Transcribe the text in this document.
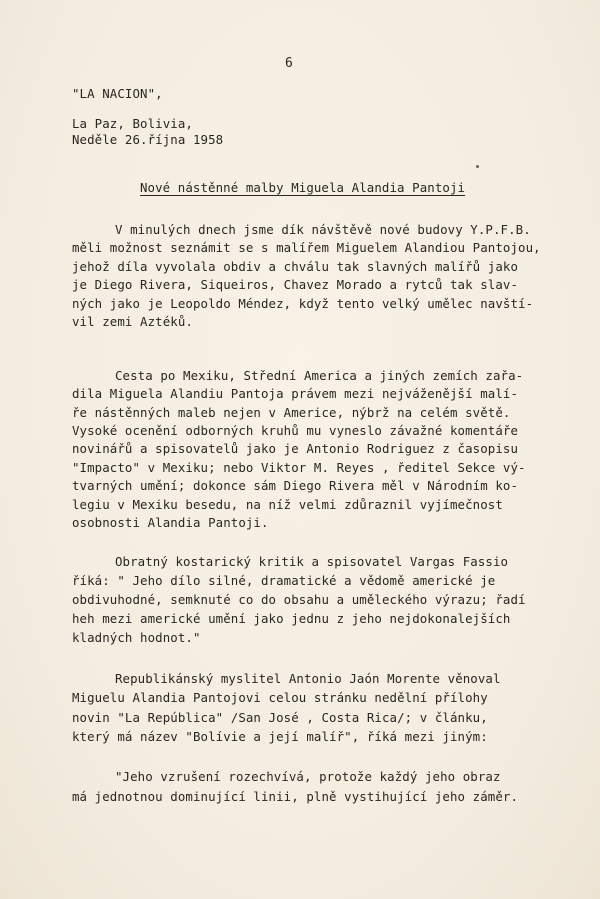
6
"LA NACION",
La Paz, Bolivia,
Neděle 26.října 1958
Nové nástěnné malby Miguela Alandia Pantoji
V minulých dnech jsme dík návštěvě nové budovy Y.P.F.B.
měli možnost seznámit se s malířem Miguelem Alandiou Pantojou,
jehož díla vyvolala obdiv a chválu tak slavných malířů jako
je Diego Rivera, Siqueiros, Chavez Morado a rytců tak slav-
ných jako je Leopoldo Méndez, když tento velký umělec navští-
vil zemi Aztéků.
Cesta po Mexiku, Střední America a jiných zemích zařa-
dila Miguela Alandiu Pantoja právem mezi nejváženější malí-
ře nástěnných maleb nejen v Americe, nýbrž na celém světě.
Vysoké ocenění odborných kruhů mu vyneslo závažné komentáře
novinářů a spisovatelů jako je Antonio Rodriguez z časopisu
"Impacto" v Mexiku; nebo Viktor M. Reyes , ředitel Sekce vý-
tvarných umění; dokonce sám Diego Rivera měl v Národním ko-
legiu v Mexiku besedu, na níž velmi zdůraznil vyjímečnost
osobnosti Alandia Pantoji.
Obratný kostarický kritik a spisovatel Vargas Fassio
říká: " Jeho dílo silné, dramatické a vědomě americké je
obdivuhodné, semknuté co do obsahu a uměleckého výrazu; řadí
heh mezi americké umění jako jednu z jeho nejdokonalejších
kladných hodnot."
Republikánský myslitel Antonio Jaón Morente věnoval
Miguelu Alandia Pantojovi celou stránku nedělní přílohy
novin "La República" /San José , Costa Rica/; v článku,
který má název "Bolívie a její malíř", říká mezi jiným:
"Jeho vzrušení rozechvívá, protože každý jeho obraz
má jednotnou dominující linii, plně vystihující jeho záměr.
